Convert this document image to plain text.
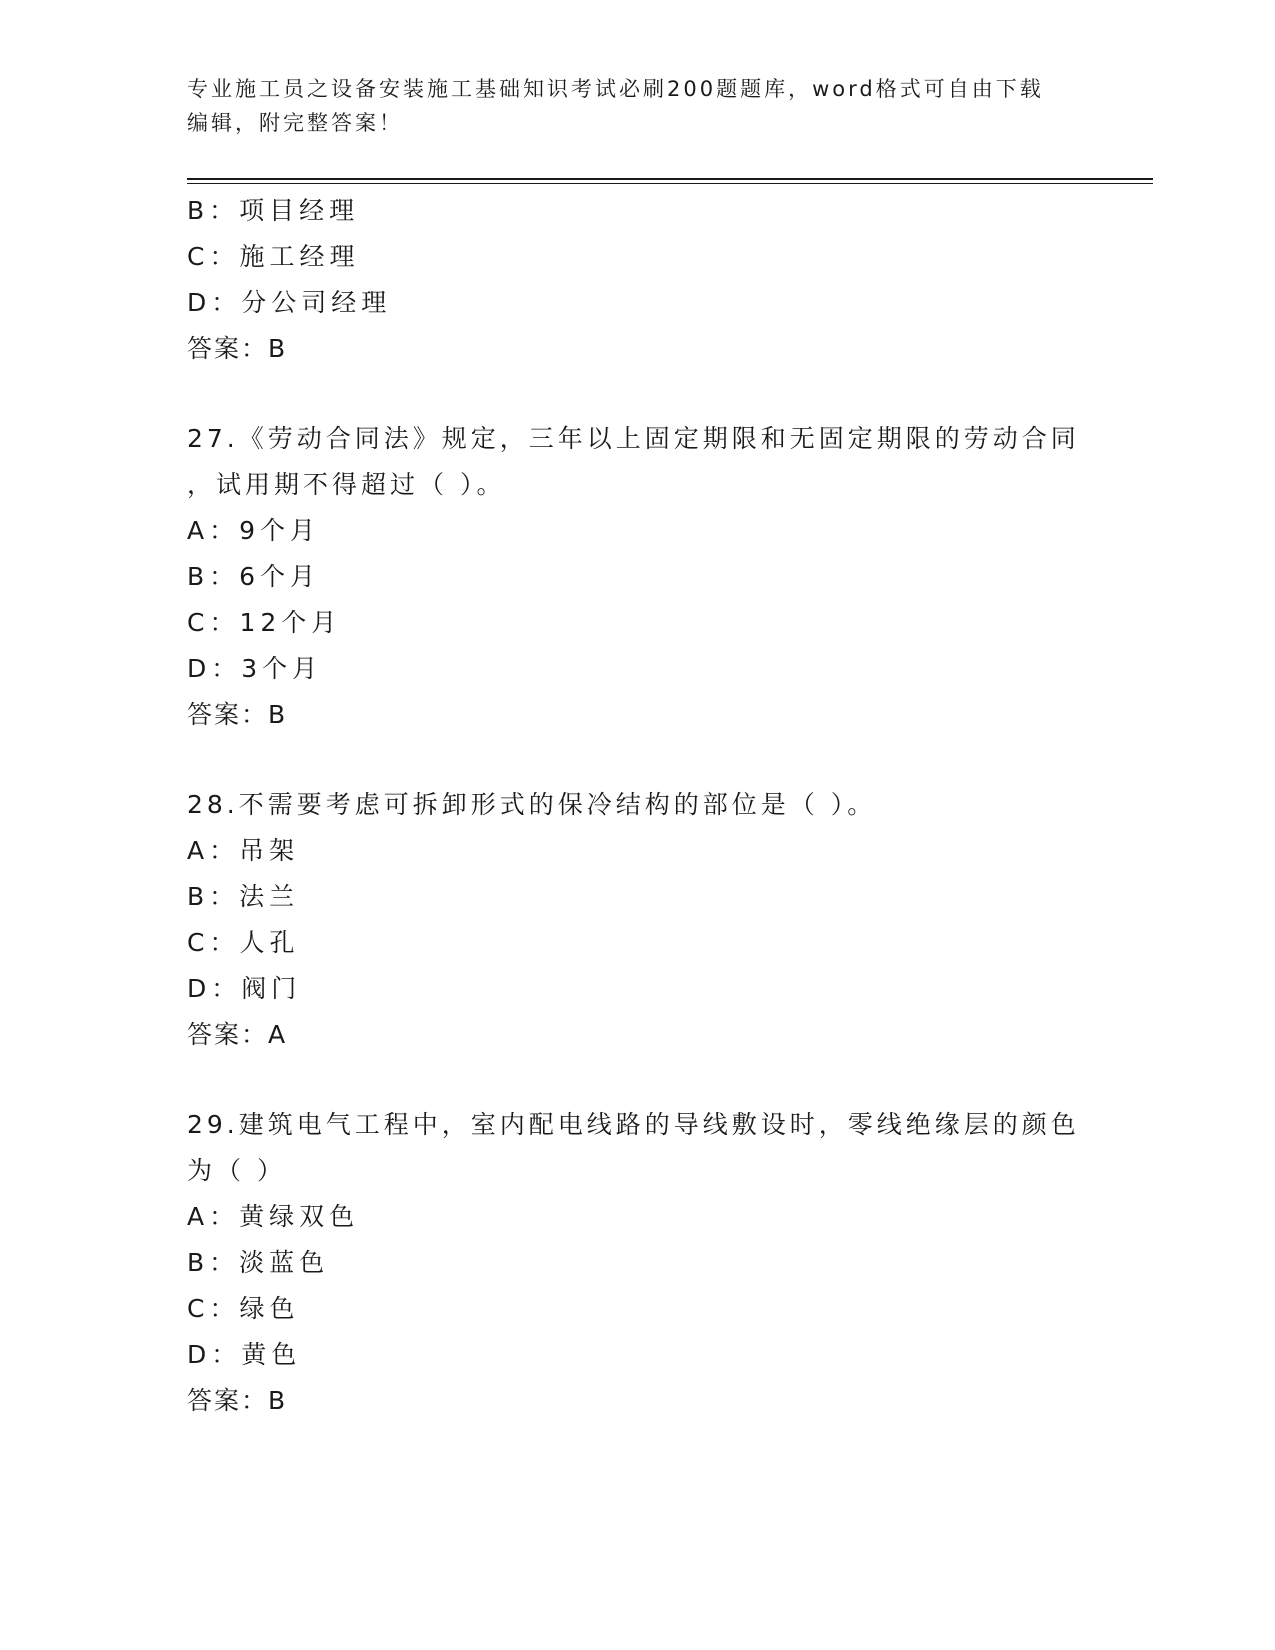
专业施工员之设备安装施工基础知识考试必刷200题题库，word格式可自由下载
编辑，附完整答案！
B：项目经理
C：施工经理
D：分公司经理
答案：B
27.《劳动合同法》规定，三年以上固定期限和无固定期限的劳动合同
，试用期不得超过（ ）。
A：9个月
B：6个月
C：12个月
D：3个月
答案：B
28.不需要考虑可拆卸形式的保冷结构的部位是（ ）。
A：吊架
B：法兰
C：人孔
D：阀门
答案：A
29.建筑电气工程中，室内配电线路的导线敷设时，零线绝缘层的颜色
为（ ）
A：黄绿双色
B：淡蓝色
C：绿色
D：黄色
答案：B
